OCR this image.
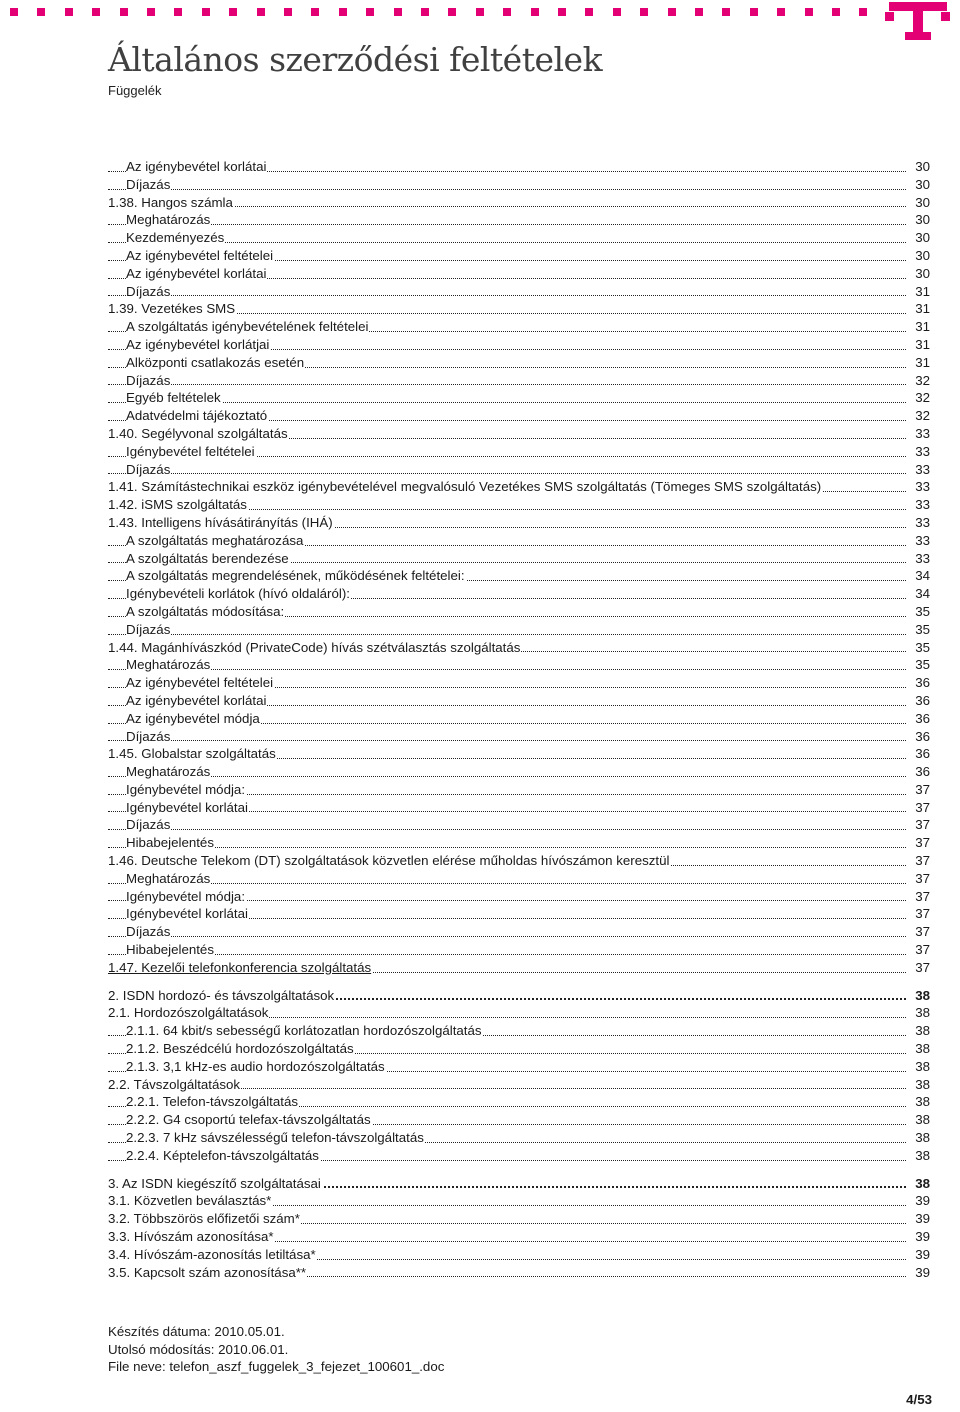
Általános szerződési feltételek
Függelék
Az igénybevétel korlátai	30
Díjazás	30
1.38. Hangos számla	30
Meghatározás	30
Kezdeményezés	30
Az igénybevétel feltételei	30
Az igénybevétel korlátai	30
Díjazás	31
1.39. Vezetékes SMS	31
A szolgáltatás igénybevételének feltételei	31
Az igénybevétel korlátjai	31
Alközponti csatlakozás esetén	31
Díjazás	32
Egyéb feltételek	32
Adatvédelmi tájékoztató	32
1.40. Segélyvonal szolgáltatás	33
Igénybevétel feltételei	33
Díjazás	33
1.41. Számítástechnikai eszköz igénybevételével megvalósuló Vezetékes SMS szolgáltatás (Tömeges SMS szolgáltatás)	33
1.42. iSMS szolgáltatás	33
1.43. Intelligens hívásátirányítás (IHÁ)	33
A szolgáltatás meghatározása	33
A szolgáltatás berendezése	33
A szolgáltatás megrendelésének, működésének feltételei:	34
Igénybevételi korlátok (hívó oldaláról):	34
A szolgáltatás módosítása:	35
Díjazás	35
1.44. Magánhívászkód (PrivateCode) hívás szétválasztás szolgáltatás	35
Meghatározás	35
Az igénybevétel feltételei	36
Az igénybevétel korlátai	36
Az igénybevétel módja	36
Díjazás	36
1.45. Globalstar szolgáltatás	36
Meghatározás	36
Igénybevétel módja:	37
Igénybevétel korlátai	37
Díjazás	37
Hibabejelentés	37
1.46. Deutsche Telekom (DT) szolgáltatások közvetlen elérése műholdas hívószámon keresztül	37
Meghatározás	37
Igénybevétel módja:	37
Igénybevétel korlátai	37
Díjazás	37
Hibabejelentés	37
1.47. Kezelői telefonkonferencia szolgáltatás	37
2. ISDN hordozó- és távszolgáltatások	38
2.1. Hordozószolgáltatások	38
2.1.1. 64 kbit/s sebességű korlátozatlan hordozószolgáltatás	38
2.1.2. Beszédcélú hordozószolgáltatás	38
2.1.3. 3,1 kHz-es audio hordozószolgáltatás	38
2.2. Távszolgáltatások	38
2.2.1. Telefon-távszolgáltatás	38
2.2.2. G4 csoportú telefax-távszolgáltatás	38
2.2.3. 7 kHz sávszélességű telefon-távszolgáltatás	38
2.2.4. Képtelefon-távszolgáltatás	38
3. Az ISDN kiegészítő szolgáltatásai	38
3.1. Közvetlen beválasztás*	39
3.2. Többszörös előfizetői szám*	39
3.3. Hívószám azonosítása*	39
3.4. Hívószám-azonosítás letiltása*	39
3.5. Kapcsolt szám azonosítása**	39
Készítés dátuma: 2010.05.01.
Utolsó módosítás: 2010.06.01.
File neve: telefon_aszf_fuggelek_3_fejezet_100601_.doc
4/53
